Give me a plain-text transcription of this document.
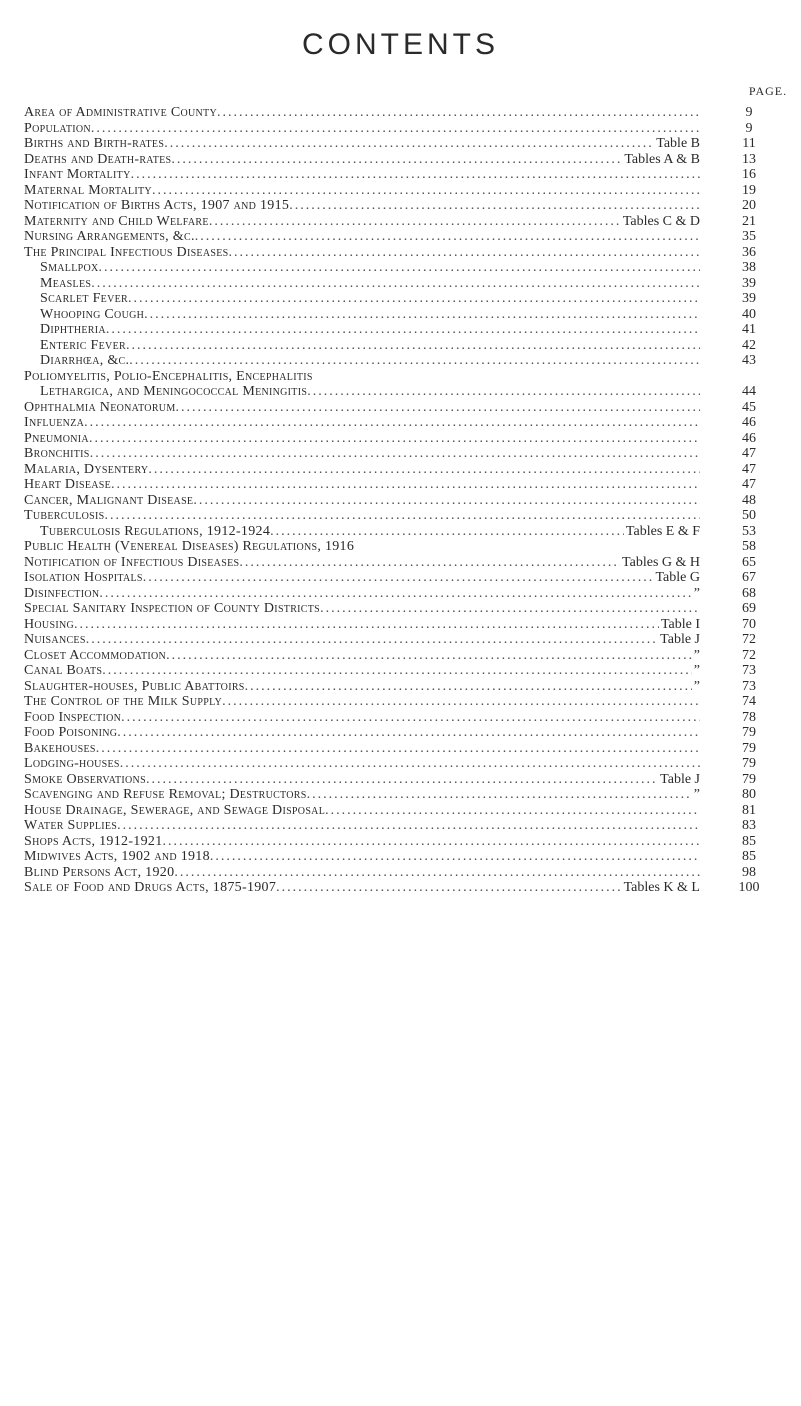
CONTENTS
PAGE.
Area of Administrative County .....	9
Population .....	9
Births and Birth-rates .....	Table B	11
Deaths and Death-rates .....	Tables A & B	13
Infant Mortality .....	16
Maternal Mortality .....	19
Notification of Births Acts, 1907 and 1915 .....	20
Maternity and Child Welfare .....	Tables C & D	21
Nursing Arrangements, &c. .....	35
The Principal Infectious Diseases .....	36
Smallpox .....	38
Measles .....	39
Scarlet Fever .....	39
Whooping Cough .....	40
Diphtheria .....	41
Enteric Fever .....	42
Diarrhœa, &c. .....	43
Poliomyelitis, Polio-Encephalitis, Encephalitis
Lethargica, and Meningococcal Meningitis .....	44
Ophthalmia Neonatorum .....	45
Influenza .....	46
Pneumonia .....	46
Bronchitis .....	47
Malaria, Dysentery .....	47
Heart Disease .....	47
Cancer, Malignant Disease .....	48
Tuberculosis .....	50
Tuberculosis Regulations, 1912-1924 .....	Tables E & F	53
Public Health (Venereal Diseases) Regulations, 1916	58
Notification of Infectious Diseases .....	Tables G & H	65
Isolation Hospitals .....	Table G	67
Disinfection .....	”	68
Special Sanitary Inspection of County Districts .....	69
Housing .....	Table I	70
Nuisances .....	Table J	72
Closet Accommodation .....	”	72
Canal Boats .....	”	73
Slaughter-houses, Public Abattoirs .....	”	73
The Control of the Milk Supply .....	74
Food Inspection .....	78
Food Poisoning .....	79
Bakehouses .....	79
Lodging-houses .....	79
Smoke Observations .....	Table J	79
Scavenging and Refuse Removal; Destructors .....	”	80
House Drainage, Sewerage, and Sewage Disposal .....	81
Water Supplies .....	83
Shops Acts, 1912-1921 .....	85
Midwives Acts, 1902 and 1918 .....	85
Blind Persons Act, 1920 .....	98
Sale of Food and Drugs Acts, 1875-1907 .....	Tables K & L	100
